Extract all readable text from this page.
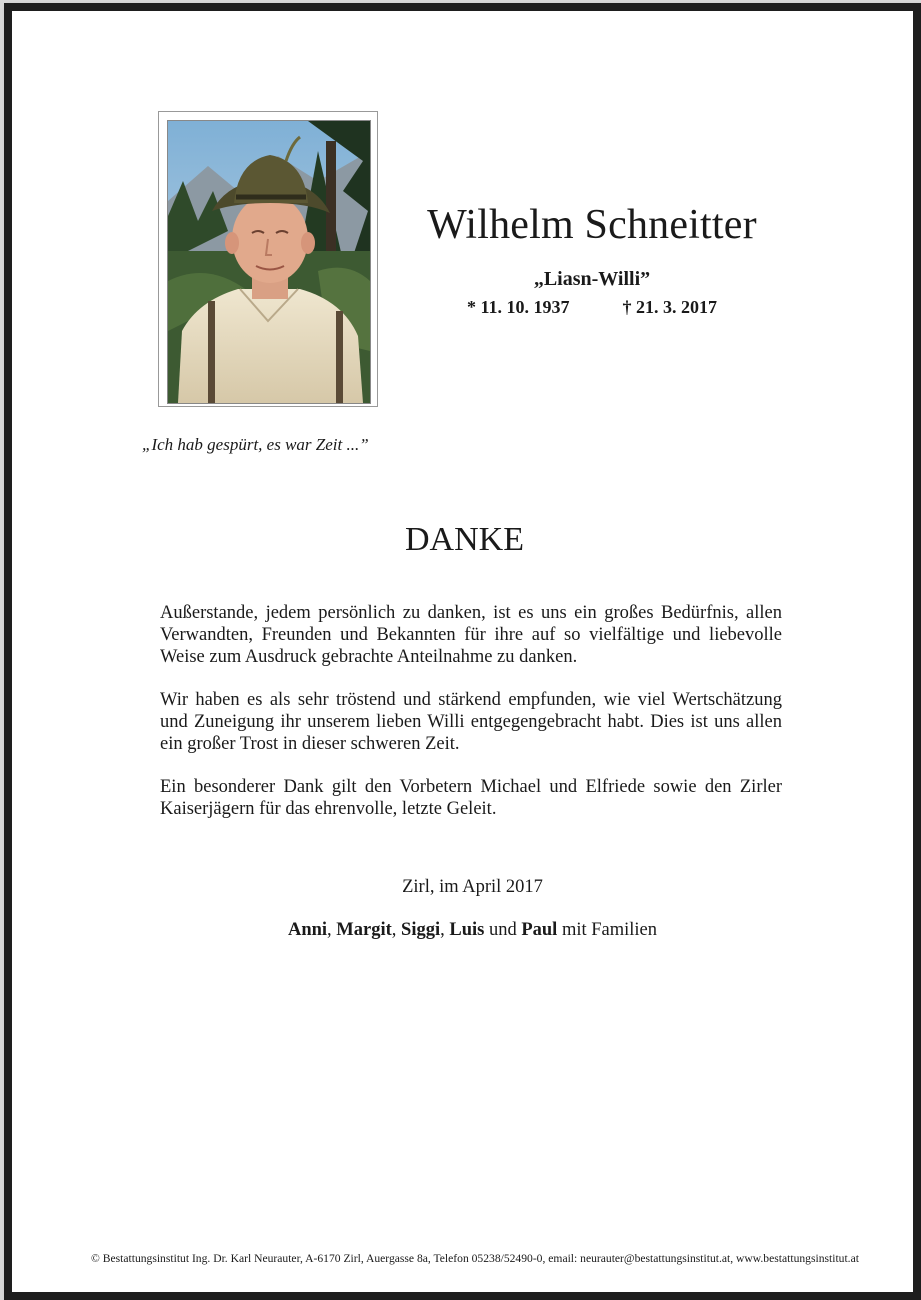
Wilhelm Schneitter
„Liasn-Willi”
* 11. 10. 1937	† 21. 3. 2017
„Ich hab gespürt, es war Zeit ...”
DANKE

Außerstande, jedem persönlich zu danken, ist es uns ein großes Bedürfnis, allen Verwandten, Freunden und Bekannten für ihre auf so vielfältige und liebevolle Weise zum Ausdruck gebrachte Anteilnahme zu danken.

Wir haben es als sehr tröstend und stärkend empfunden, wie viel Wertschätzung und Zuneigung ihr unserem lieben Willi entgegengebracht habt. Dies ist uns allen ein großer Trost in dieser schweren Zeit.

Ein besonderer Dank gilt den Vorbetern Michael und Elfriede sowie den Zirler Kaiserjägern für das ehrenvolle, letzte Geleit.

Zirl, im April 2017
Anni, Margit, Siggi, Luis und Paul mit Familien
© Bestattungsinstitut Ing. Dr. Karl Neurauter, A-6170 Zirl, Auergasse 8a, Telefon 05238/52490-0, email: neurauter@bestattungsinstitut.at, www.bestattungsinstitut.at
